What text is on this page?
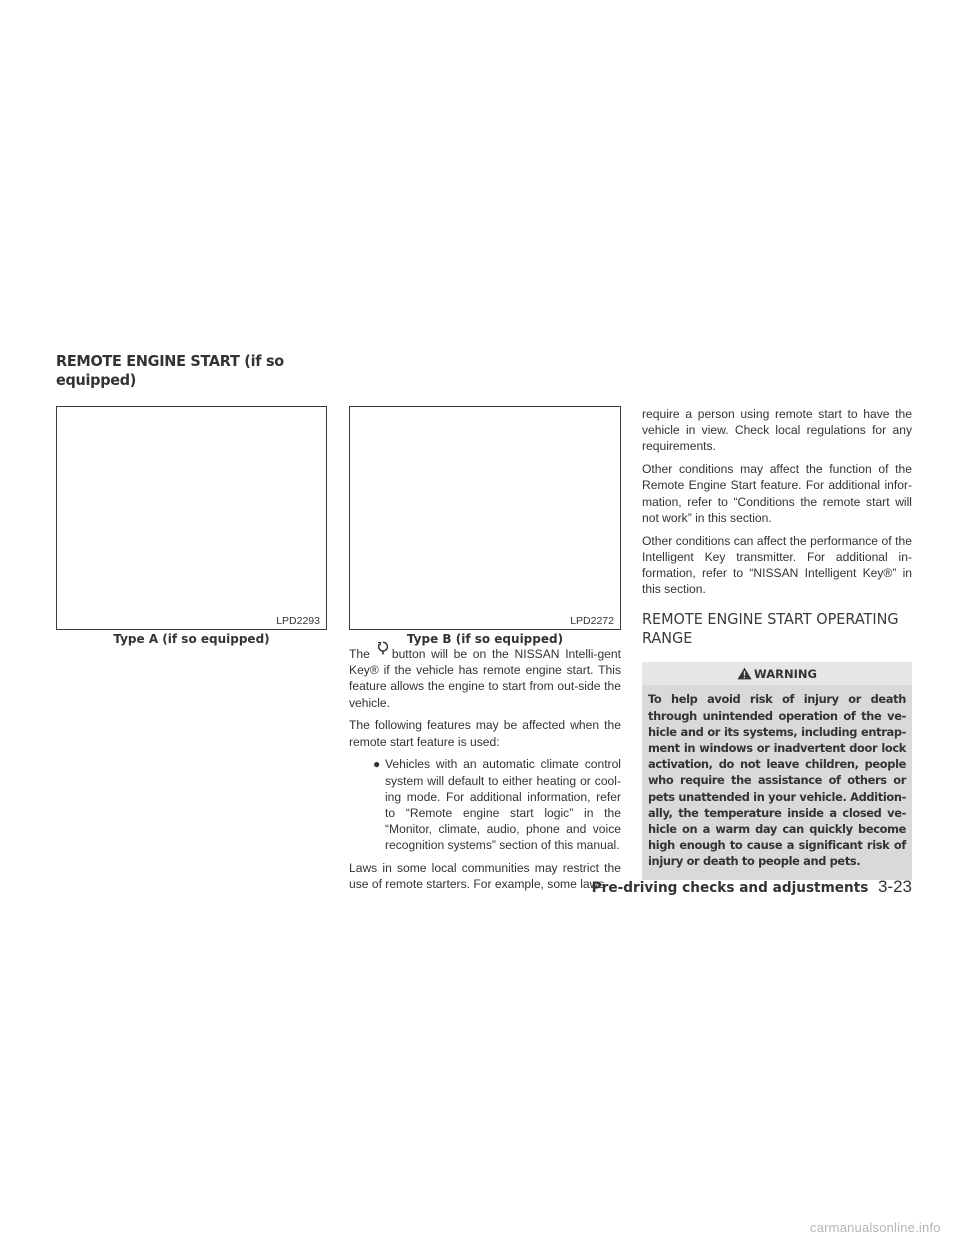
REMOTE ENGINE START (if so equipped)
LPD2293
Type A (if so equipped)
LPD2272
Type B (if so equipped)

The button will be on the NISSAN Intelli-gent Key® if the vehicle has remote engine start. This feature allows the engine to start from out-side the vehicle.

The following features may be affected when the remote start feature is used:

● Vehicles with an automatic climate control system will default to either heating or cool-ing mode. For additional information, refer to “Remote engine start logic” in the “Monitor, climate, audio, phone and voice recognition systems” section of this manual.

Laws in some local communities may restrict the use of remote starters. For example, some laws

require a person using remote start to have the vehicle in view. Check local regulations for any requirements.

Other conditions may affect the function of the Remote Engine Start feature. For additional infor-mation, refer to “Conditions the remote start will not work” in this section.

Other conditions can affect the performance of the Intelligent Key transmitter. For additional in-formation, refer to “NISSAN Intelligent Key®” in this section.

REMOTE ENGINE START OPERATING RANGE
WARNING
To help avoid risk of injury or death through unintended operation of the ve-hicle and or its systems, including entrap-ment in windows or inadvertent door lock activation, do not leave children, people who require the assistance of others or pets unattended in your vehicle. Addition-ally, the temperature inside a closed ve-hicle on a warm day can quickly become high enough to cause a significant risk of injury or death to people and pets.
Pre-driving checks and adjustments 3-23
carmanualsonline.info
